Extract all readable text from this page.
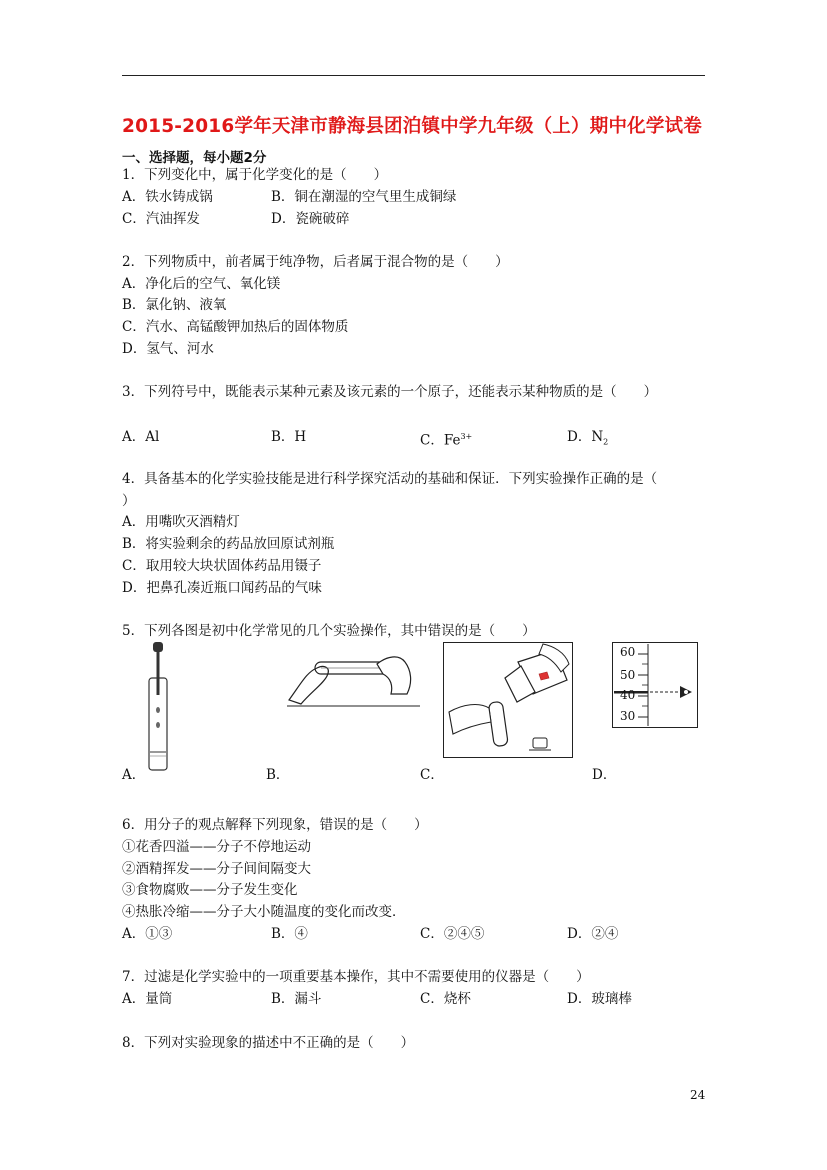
2015-2016学年天津市静海县团泊镇中学九年级（上）期中化学试卷
一、选择题，每小题2分
1．下列变化中，属于化学变化的是（　　）
A．铁水铸成锅	B．铜在潮湿的空气里生成铜绿
C．汽油挥发	D．瓷碗破碎
2．下列物质中，前者属于纯净物，后者属于混合物的是（　　）
A．净化后的空气、氧化镁
B．氯化钠、液氧
C．汽水、高锰酸钾加热后的固体物质
D．氢气、河水
3．下列符号中，既能表示某种元素及该元素的一个原子，还能表示某种物质的是（　　）
A．Al	B．H	C．$Fe^{3+}$	D．$N_2$
4．具备基本的化学实验技能是进行科学探究活动的基础和保证．下列实验操作正确的是（
）
A．用嘴吹灭酒精灯
B．将实验剩余的药品放回原试剂瓶
C．取用较大块状固体药品用镊子
D．把鼻孔凑近瓶口闻药品的气味
5．下列各图是初中化学常见的几个实验操作，其中错误的是（　　）
60
50
40
30
A．	B．	C．	D．
6．用分子的观点解释下列现象，错误的是（　　）
①花香四溢——分子不停地运动
②酒精挥发——分子间间隔变大
③食物腐败——分子发生变化
④热胀冷缩——分子大小随温度的变化而改变．
A．①③	B．④	C．②④⑤	D．②④
7．过滤是化学实验中的一项重要基本操作，其中不需要使用的仪器是（　　）
A．量筒	B．漏斗	C．烧杯	D．玻璃棒
8．下列对实验现象的描述中不正确的是（　　）
24
